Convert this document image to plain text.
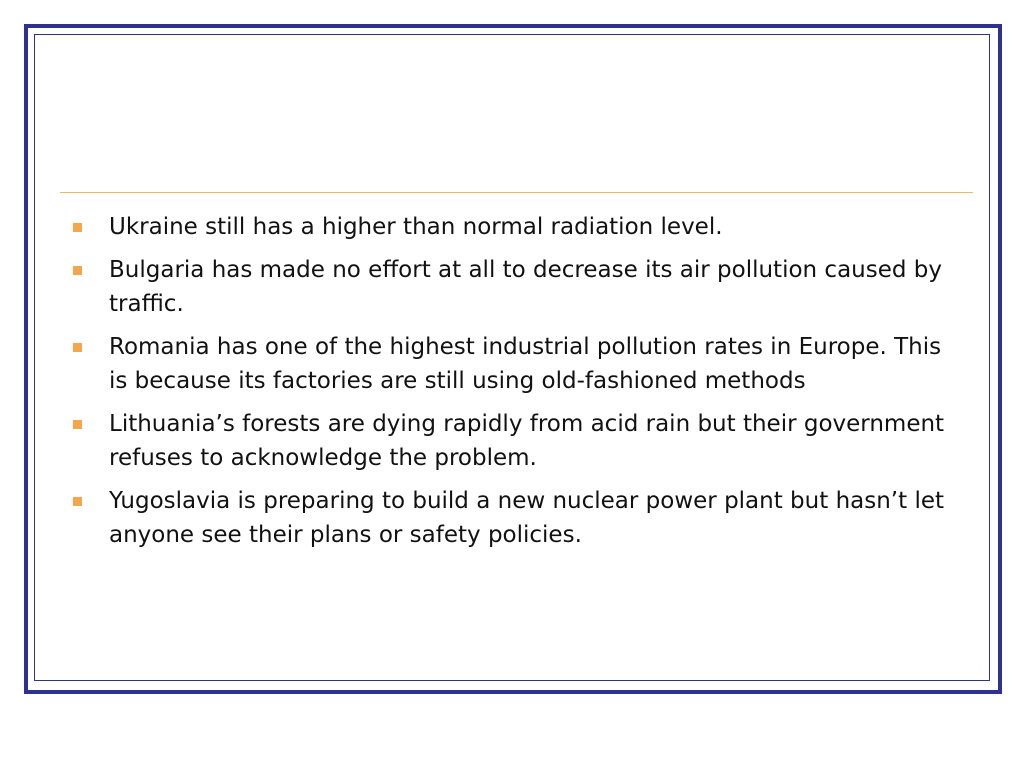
Ukraine still has a higher than normal radiation level.
Bulgaria has made no effort at all to decrease its air pollution caused by traffic.
Romania has one of the highest industrial pollution rates in Europe. This is because its factories are still using old-fashioned methods
Lithuania’s forests are dying rapidly from acid rain but their government refuses to acknowledge the problem.
Yugoslavia is preparing to build a new nuclear power plant but hasn’t let anyone see their plans or safety policies.
